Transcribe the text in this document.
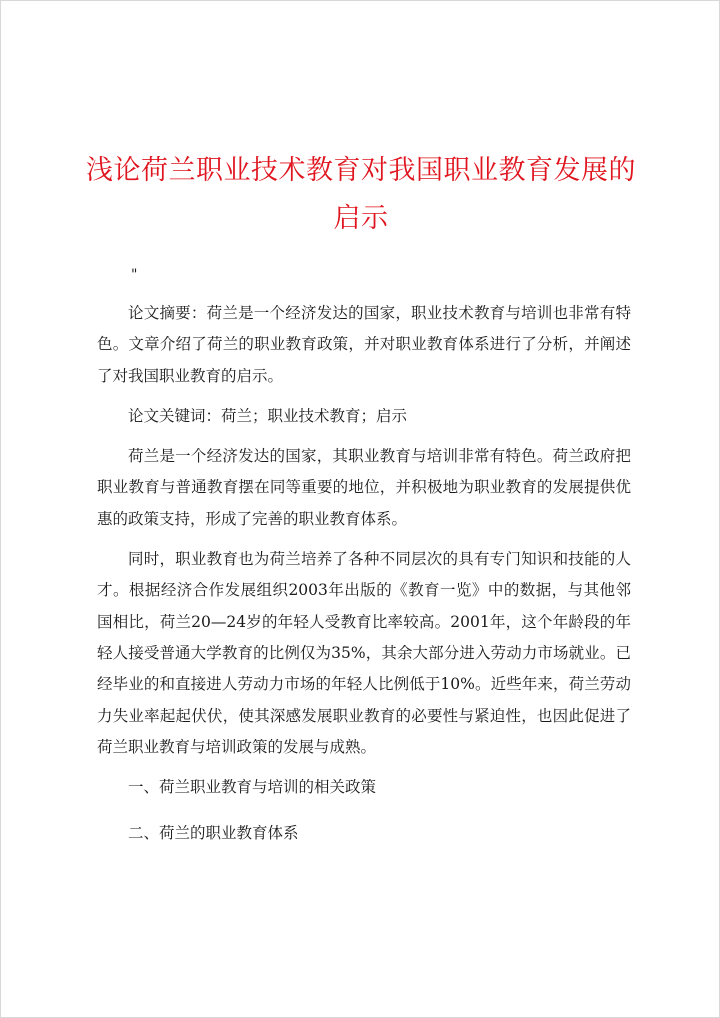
浅论荷兰职业技术教育对我国职业教育发展的
启示
"

论文摘要：荷兰是一个经济发达的国家，职业技术教育与培训也非常有特色。文章介绍了荷兰的职业教育政策，并对职业教育体系进行了分析，并阐述了对我国职业教育的启示。

论文关键词：荷兰；职业技术教育；启示

荷兰是一个经济发达的国家，其职业教育与培训非常有特色。荷兰政府把职业教育与普通教育摆在同等重要的地位，并积极地为职业教育的发展提供优惠的政策支持，形成了完善的职业教育体系。

同时，职业教育也为荷兰培养了各种不同层次的具有专门知识和技能的人才。根据经济合作发展组织2003年出版的《教育一览》中的数据，与其他邻国相比，荷兰20—24岁的年轻人受教育比率较高。2001年，这个年龄段的年轻人接受普通大学教育的比例仅为35%，其余大部分进入劳动力市场就业。已经毕业的和直接进人劳动力市场的年轻人比例低于10%。近些年来，荷兰劳动力失业率起起伏伏，使其深感发展职业教育的必要性与紧迫性，也因此促进了荷兰职业教育与培训政策的发展与成熟。

一、荷兰职业教育与培训的相关政策

二、荷兰的职业教育体系
